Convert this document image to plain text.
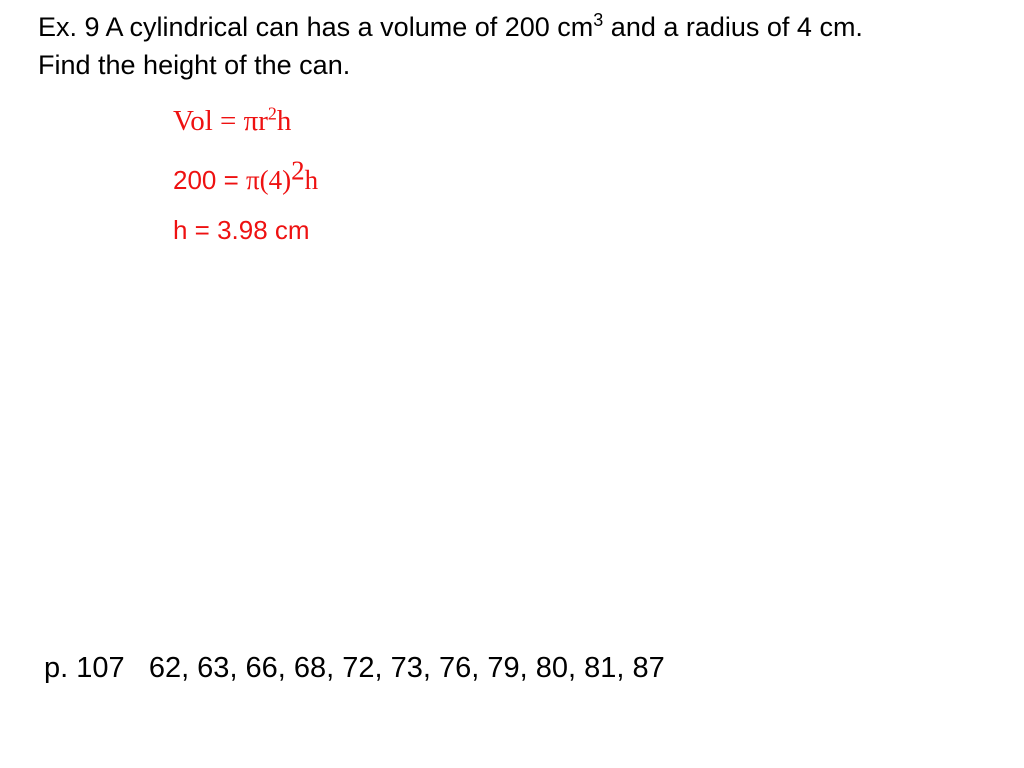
Ex. 9 A cylindrical can has a volume of 200 $cm^3$ and a radius of 4 cm.
Find the height of the can.
Vol = $\pi r^2h$
$200 = \pi(4)^2h$
h = 3.98 cm
p. 107 62, 63, 66, 68, 72, 73, 76, 79, 80, 81, 87
